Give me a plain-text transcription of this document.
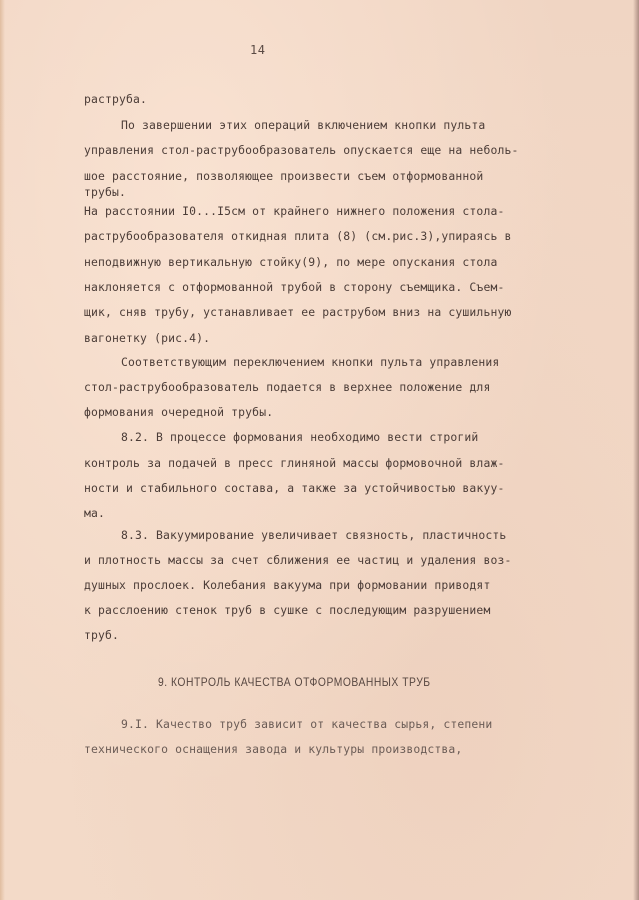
14
раструба.
По завершении этих операций включением кнопки пульта
управления стол-раструбообразователь опускается еще на неболь-
шое расстояние, позволяющее произвести съем отформованной
трубы.
На расстоянии I0...I5см от крайнего нижнего положения стола-
раструбообразователя откидная плита (8) (см.рис.3),упираясь в
неподвижную вертикальную стойку(9), по мере опускания стола
наклоняется с отформованной трубой в сторону съемщика. Съем-
щик, сняв трубу, устанавливает ее раструбом вниз на сушильную
вагонетку (рис.4).
Соответствующим переключением кнопки пульта управления
стол-раструбообразователь подается в верхнее положение для
формования очередной трубы.
8.2. В процессе формования необходимо вести строгий
контроль за подачей в пресс глиняной массы формовочной влаж-
ности и стабильного состава, а также за устойчивостью вакуу-
ма.
8.3. Вакуумирование увеличивает связность, пластичность
и плотность массы за счет сближения ее частиц и удаления воз-
душных прослоек. Колебания вакуума при формовании приводят
к расслоению стенок труб в сушке с последующим разрушением
труб.
9. КОНТРОЛЬ КАЧЕСТВА ОТФОРМОВАННЫХ ТРУБ
9.I. Качество труб зависит от качества сырья, степени
технического оснащения завода и культуры производства,
